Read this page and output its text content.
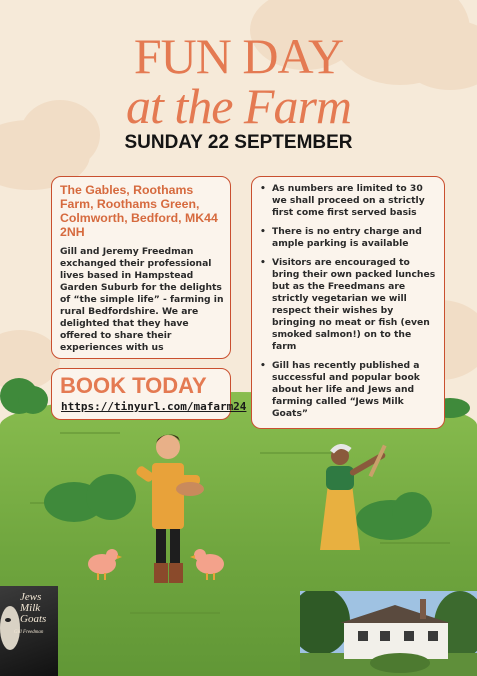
FUN DAY
at the Farm
SUNDAY 22 SEPTEMBER
The Gables, Roothams Farm, Roothams Green, Colmworth, Bedford, MK44 2NH
Gill and Jeremy Freedman exchanged their professional lives based in Hampstead Garden Suburb for the delights of “the simple life” - farming in rural Bedfordshire. We are delighted that they have offered to share their experiences with us
BOOK TODAY
https://tinyurl.com/mafarm24
• As numbers are limited to 30 we shall proceed on a strictly first come first served basis
• There is no entry charge and ample parking is available
• Visitors are encouraged to bring their own packed lunches but as the Freedmans are strictly vegetarian we will respect their wishes by bringing no meat or fish (even smoked salmon!) on to the farm
• Gill has recently published a successful and popular book about her life and Jews and farming called “Jews Milk Goats”
Jews Milk Goats
Gill Freedman
